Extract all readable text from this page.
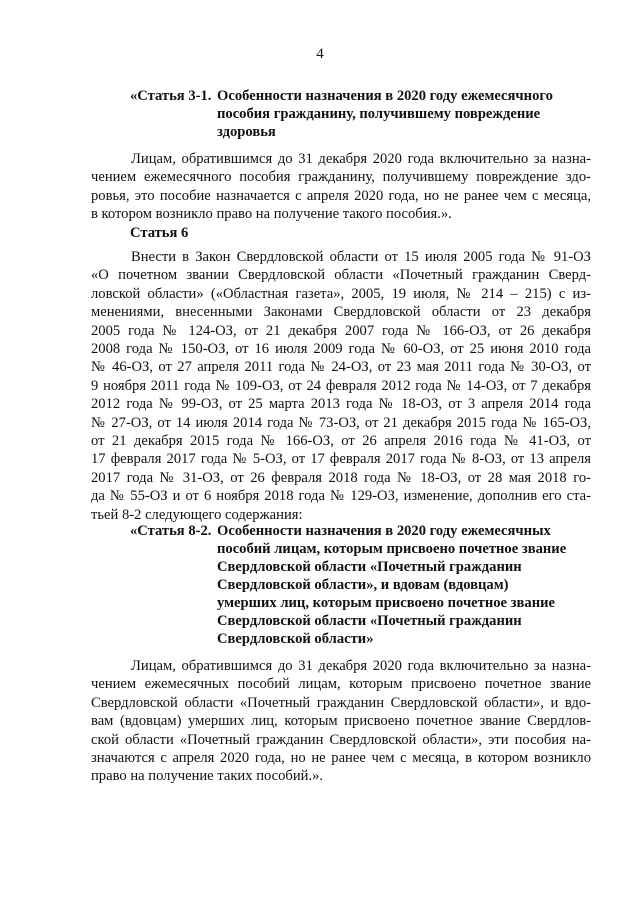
4
«Статья 3-1. Особенности назначения в 2020 году ежемесячного
пособия гражданину, получившему повреждение
здоровья
Лицам, обратившимся до 31 декабря 2020 года включительно за назна-
чением ежемесячного пособия гражданину, получившему повреждение здо-
ровья, это пособие назначается с апреля 2020 года, но не ранее чем с месяца,
в котором возникло право на получение такого пособия.».
Статья 6
Внести в Закон Свердловской области от 15 июля 2005 года № 91-ОЗ
«О почетном звании Свердловской области «Почетный гражданин Сверд-
ловской области» («Областная газета», 2005, 19 июля, № 214 – 215) с из-
менениями, внесенными Законами Свердловской области от 23 декабря
2005 года № 124-ОЗ, от 21 декабря 2007 года № 166-ОЗ, от 26 декабря
2008 года № 150-ОЗ, от 16 июля 2009 года № 60-ОЗ, от 25 июня 2010 года
№ 46-ОЗ, от 27 апреля 2011 года № 24-ОЗ, от 23 мая 2011 года № 30-ОЗ, от
9 ноября 2011 года № 109-ОЗ, от 24 февраля 2012 года № 14-ОЗ, от 7 декабря
2012 года № 99-ОЗ, от 25 марта 2013 года № 18-ОЗ, от 3 апреля 2014 года
№ 27-ОЗ, от 14 июля 2014 года № 73-ОЗ, от 21 декабря 2015 года № 165-ОЗ,
от 21 декабря 2015 года № 166-ОЗ, от 26 апреля 2016 года № 41-ОЗ, от
17 февраля 2017 года № 5-ОЗ, от 17 февраля 2017 года № 8-ОЗ, от 13 апреля
2017 года № 31-ОЗ, от 26 февраля 2018 года № 18-ОЗ, от 28 мая 2018 го-
да № 55-ОЗ и от 6 ноября 2018 года № 129-ОЗ, изменение, дополнив его ста-
тьей 8-2 следующего содержания:
«Статья 8-2. Особенности назначения в 2020 году ежемесячных
пособий лицам, которым присвоено почетное звание
Свердловской области «Почетный гражданин
Свердловской области», и вдовам (вдовцам)
умерших лиц, которым присвоено почетное звание
Свердловской области «Почетный гражданин
Свердловской области»
Лицам, обратившимся до 31 декабря 2020 года включительно за назна-
чением ежемесячных пособий лицам, которым присвоено почетное звание
Свердловской области «Почетный гражданин Свердловской области», и вдо-
вам (вдовцам) умерших лиц, которым присвоено почетное звание Свердлов-
ской области «Почетный гражданин Свердловской области», эти пособия на-
значаются с апреля 2020 года, но не ранее чем с месяца, в котором возникло
право на получение таких пособий.».
